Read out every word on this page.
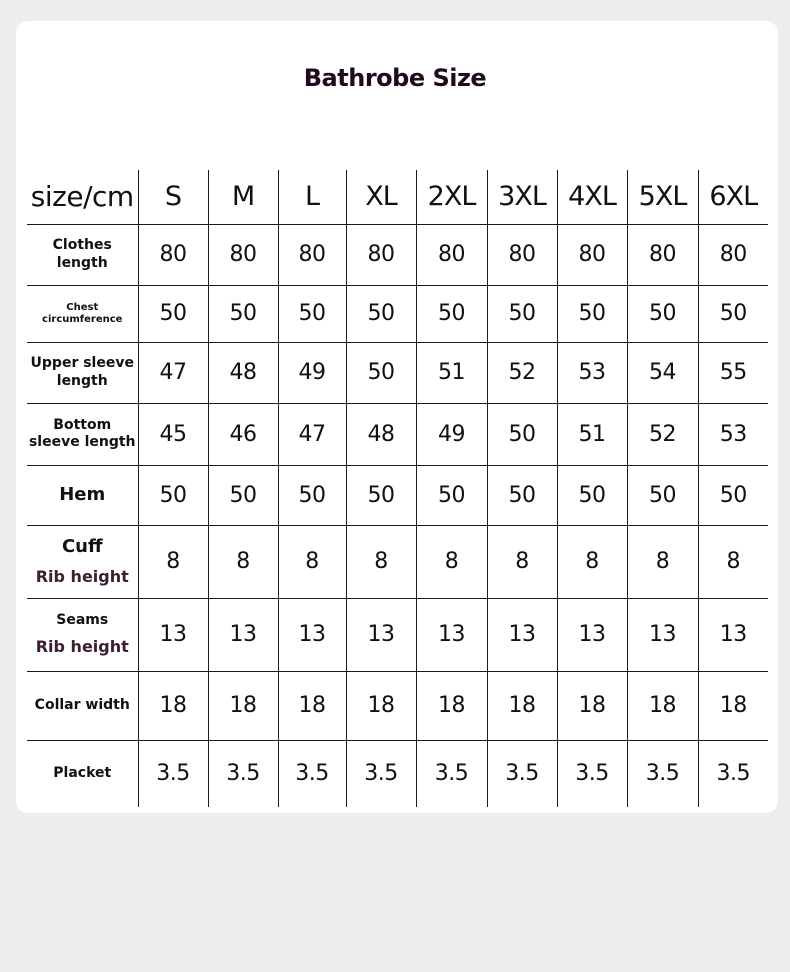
Bathrobe Size
size/cm	S	M	L	XL	2XL	3XL	4XL	5XL	6XL

Clothes
length	80	80	80	80	80	80	80	80	80

Chest
circumference	50	50	50	50	50	50	50	50	50

Upper sleeve
length	47	48	49	50	51	52	53	54	55

Bottom
sleeve length	45	46	47	48	49	50	51	52	53

Hem	50	50	50	50	50	50	50	50	50

Cuff
Rib height	8	8	8	8	8	8	8	8	8

Seams
Rib height	13	13	13	13	13	13	13	13	13

Collar width	18	18	18	18	18	18	18	18	18

Placket	3.5	3.5	3.5	3.5	3.5	3.5	3.5	3.5	3.5
